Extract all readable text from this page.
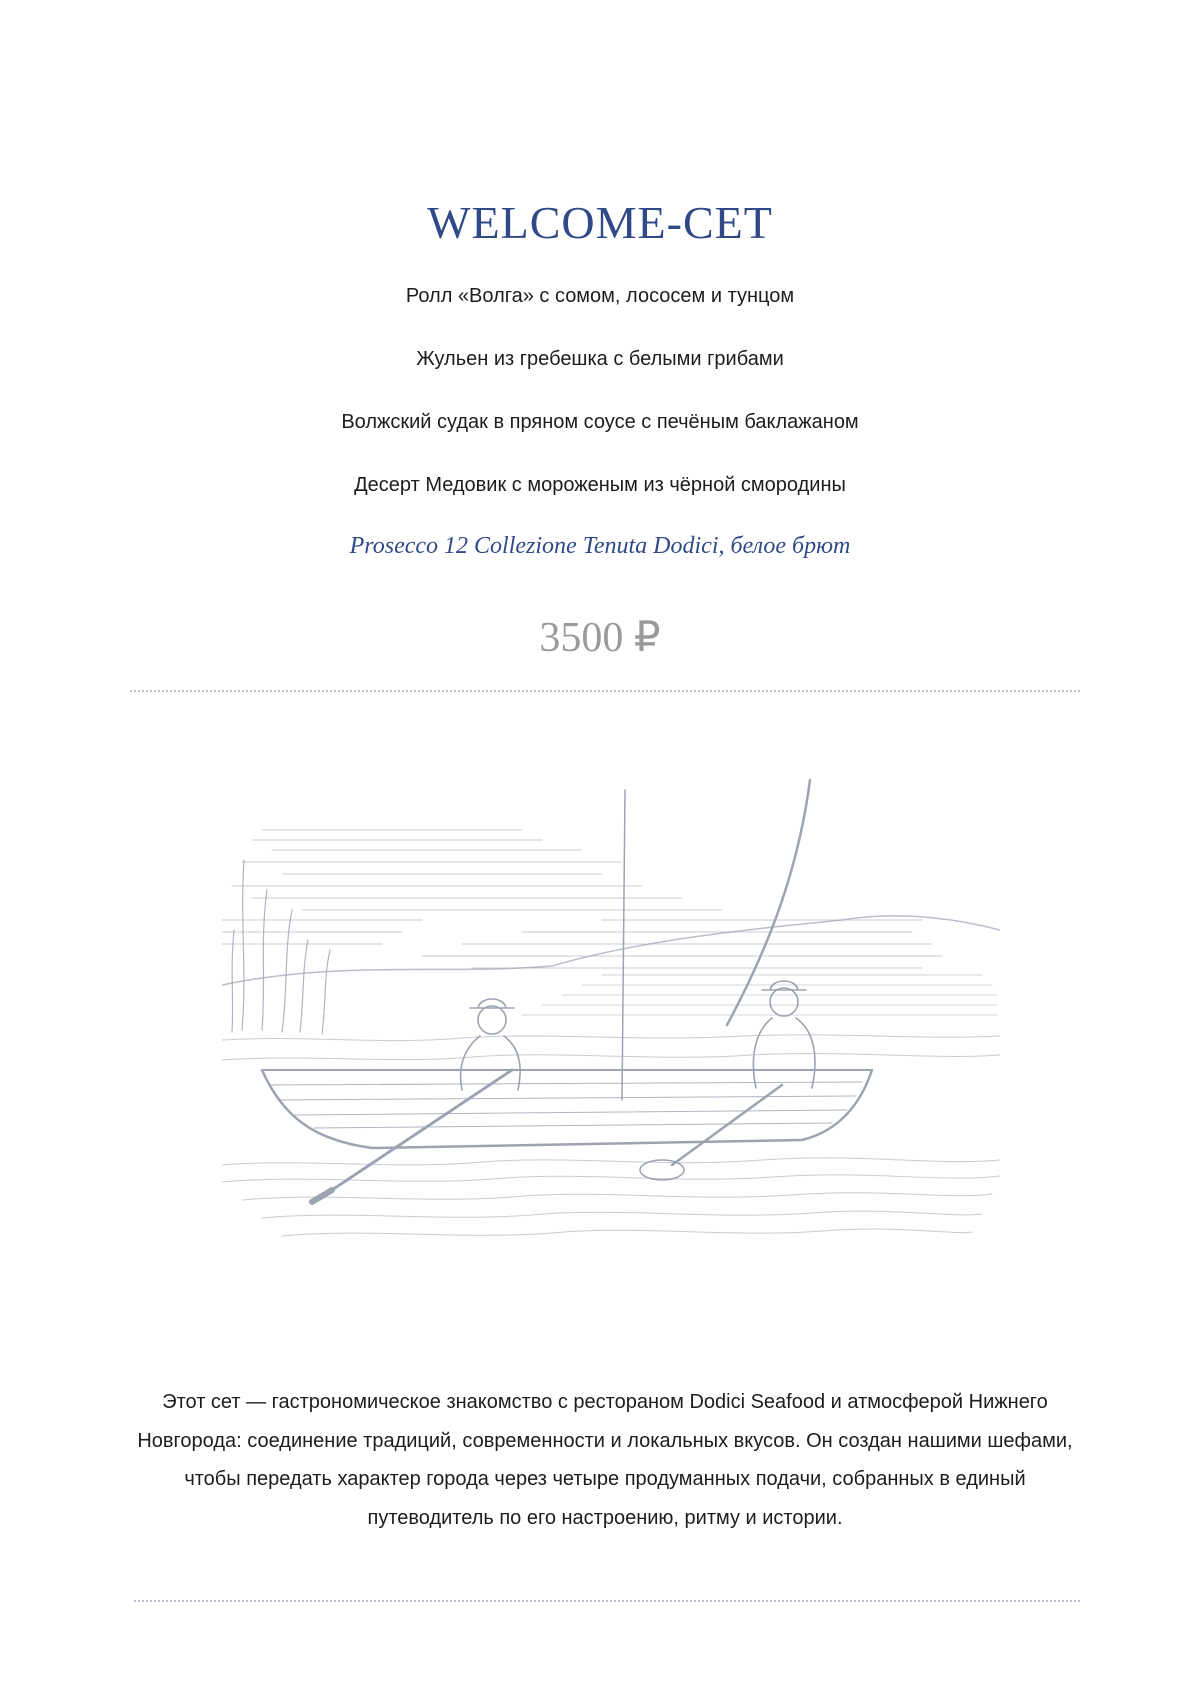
WELCOME-СЕТ
Ролл «Волга» с сомом, лососем и тунцом
Жульен из гребешка с белыми грибами
Волжский судак в пряном соусе с печёным баклажаном
Десерт Медовик с мороженым из чёрной смородины
Prosecco 12 Collezione Tenuta Dodici, белое брют
3500 ₽

Этот сет — гастрономическое знакомство с рестораном Dodici Seafood и атмосферой Нижнего Новгорода: соединение традиций, современности и локальных вкусов. Он создан нашими шефами, чтобы передать характер города через четыре продуманных подачи, собранных в единый путеводитель по его настроению, ритму и истории.
